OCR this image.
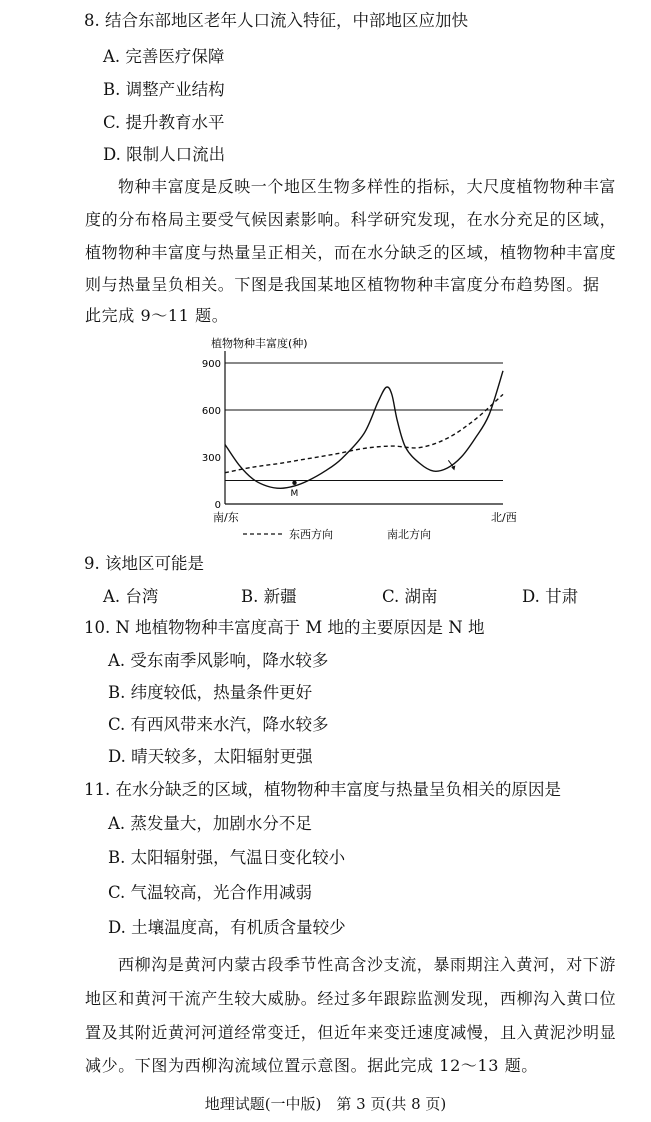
8. 结合东部地区老年人口流入特征，中部地区应加快
A. 完善医疗保障
B. 调整产业结构
C. 提升教育水平
D. 限制人口流出
物种丰富度是反映一个地区生物多样性的指标，大尺度植物物种丰富
度的分布格局主要受气候因素影响。科学研究发现，在水分充足的区域，
植物物种丰富度与热量呈正相关，而在水分缺乏的区域，植物物种丰富度
则与热量呈负相关。下图是我国某地区植物物种丰富度分布趋势图。据
此完成 9～11 题。
900
600
300
0
植物物种丰富度(种)
南/东	北/西
M
东西方向	南北方向
9. 该地区可能是
A. 台湾	B. 新疆	C. 湖南	D. 甘肃
10. N 地植物物种丰富度高于 M 地的主要原因是 N 地
A. 受东南季风影响，降水较多
B. 纬度较低，热量条件更好
C. 有西风带来水汽，降水较多
D. 晴天较多，太阳辐射更强
11. 在水分缺乏的区域，植物物种丰富度与热量呈负相关的原因是
A. 蒸发量大，加剧水分不足
B. 太阳辐射强，气温日变化较小
C. 气温较高，光合作用减弱
D. 土壤温度高，有机质含量较少
西柳沟是黄河内蒙古段季节性高含沙支流，暴雨期注入黄河，对下游
地区和黄河干流产生较大威胁。经过多年跟踪监测发现，西柳沟入黄口位
置及其附近黄河河道经常变迁，但近年来变迁速度减慢，且入黄泥沙明显
减少。下图为西柳沟流域位置示意图。据此完成 12～13 题。
地理试题(一中版)　第 3 页(共 8 页)
